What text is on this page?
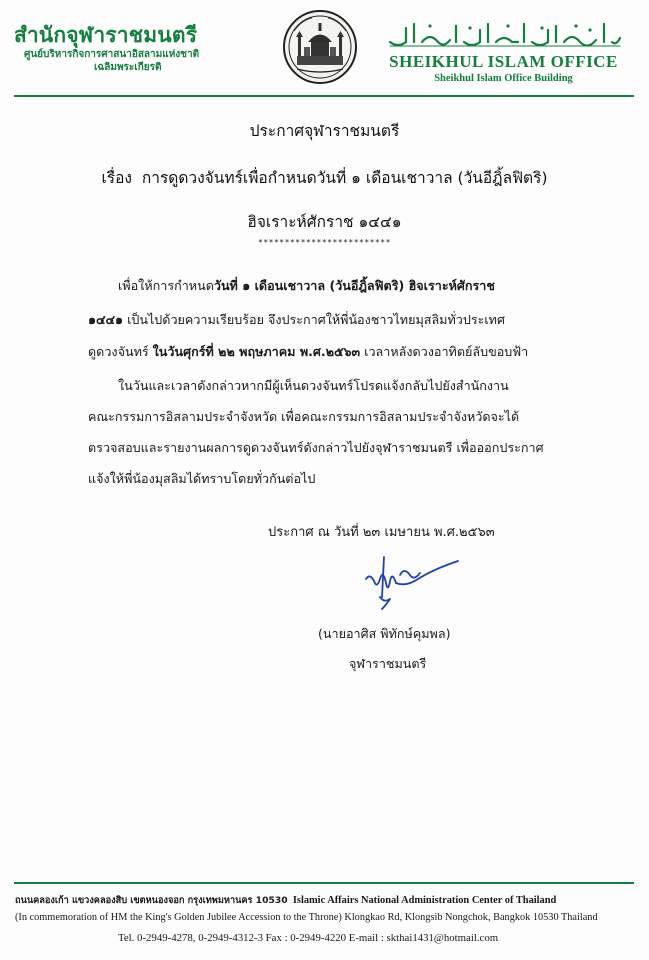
สำนักจุฬาราชมนตรี
ศูนย์บริหารกิจการศาสนาอิสลามแห่งชาติ
เฉลิมพระเกียรติ	SHEIKHUL ISLAM OFFICE
Sheikhul Islam Office Building
ประกาศจุฬาราชมนตรี
เรื่อง การดูดวงจันทร์เพื่อกำหนดวันที่ ๑ เดือนเชาวาล (วันอีฎิ้ลฟิตริ)
ฮิจเราะห์ศักราช ๑๔๔๑
*************************
เพื่อให้การกำหนดวันที่ ๑ เดือนเชาวาล (วันอีฎิ้ลฟิตริ) ฮิจเราะห์ศักราช
๑๔๔๑ เป็นไปด้วยความเรียบร้อย จึงประกาศให้พี่น้องชาวไทยมุสลิมทั่วประเทศ
ดูดวงจันทร์ ในวันศุกร์ที่ ๒๒ พฤษภาคม พ.ศ.๒๕๖๓ เวลาหลังดวงอาทิตย์ลับขอบฟ้า
ในวันและเวลาดังกล่าวหากมีผู้เห็นดวงจันทร์โปรดแจ้งกลับไปยังสำนักงาน
คณะกรรมการอิสลามประจำจังหวัด เพื่อคณะกรรมการอิสลามประจำจังหวัดจะได้
ตรวจสอบและรายงานผลการดูดวงจันทร์ดังกล่าวไปยังจุฬาราชมนตรี เพื่อออกประกาศ
แจ้งให้พี่น้องมุสลิมได้ทราบโดยทั่วกันต่อไป
ประกาศ ณ วันที่ ๒๓ เมษายน พ.ศ.๒๕๖๓
(นายอาศิส พิทักษ์คุมพล)
จุฬาราชมนตรี
ถนนคลองเก้า แขวงคลองสิบ เขตหนองจอก กรุงเทพมหานคร 10530 Islamic Affairs National Administration Center of Thailand
(In commemoration of HM the King's Golden Jubilee Accession to the Throne) Klongkao Rd, Klongsib Nongchok, Bangkok 10530 Thailand
Tel. 0-2949-4278, 0-2949-4312-3 Fax : 0-2949-4220 E-mail : skthai1431@hotmail.com
